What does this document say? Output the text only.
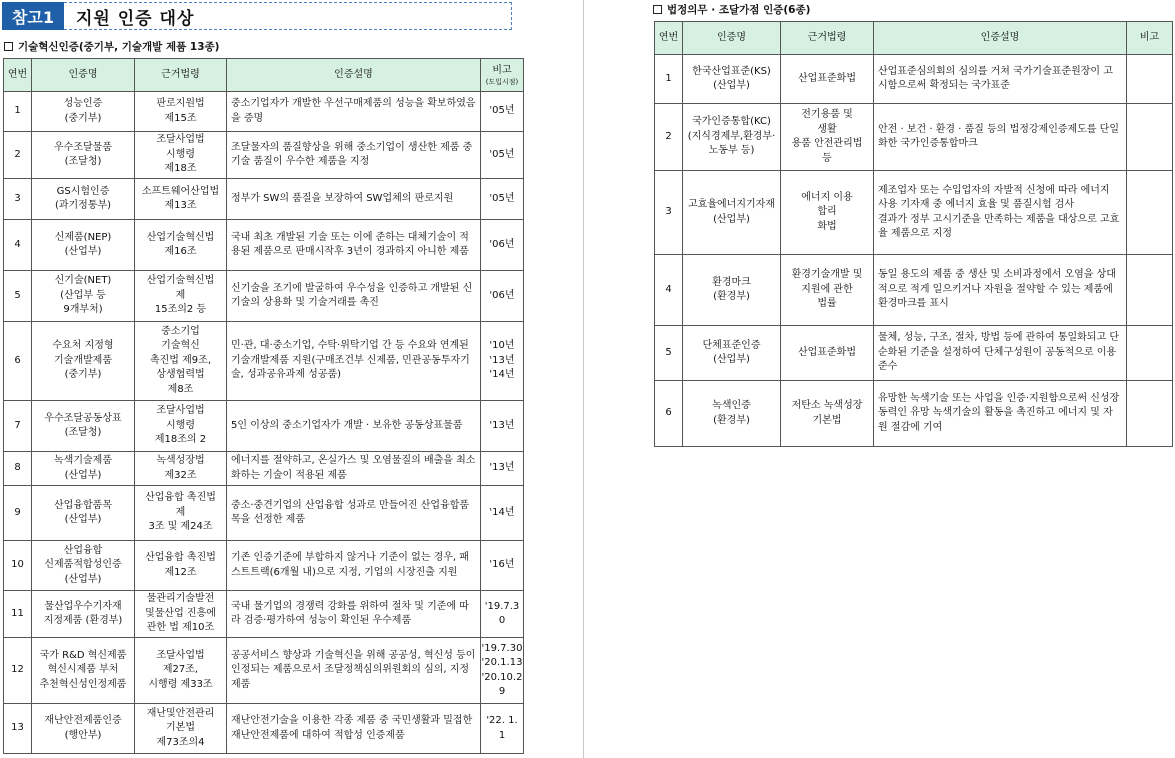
참고1	지원 인증 대상
기술혁신인증(중기부, 기술개발 제품 13종)
법정의무 · 조달가점 인증(6종)
연번	인증명	근거법령	인증설명	비고
(도입시점)

1	성능인증
(중기부)	판로지원법
제15조	중소기업자가 개발한 우선구매제품의 성능을 확보하였음을 증명	'05년
2	우수조달물품
(조달청)	조달사업법
시행령
제18조	조달물자의 품질향상을 위해 중소기업이 생산한 제품 중 기술 품질이 우수한 제품을 지정	'05년
3	GS시험인증
(과기정통부)	소프트웨어산업법
제13조	정부가 SW의 품질을 보장하여 SW업체의 판로지원	'05년
4	신제품(NEP)
(산업부)	산업기술혁신법
제16조	국내 최초 개발된 기술 또는 이에 준하는 대체기술이 적용된 제품으로 판매시작후 3년이 경과하지 아니한 제품	'06년
5	신기술(NET)
(산업부 등
9개부처)	산업기술혁신법
제
15조의2 등	신기술을 조기에 발굴하여 우수성을 인증하고 개발된 신기술의 상용화 및 기술거래를 촉진	'06년
6	수요처 지정형
기술개발제품
(중기부)	중소기업
기술혁신
촉진법 제9조,
상생협력법
제8조	민·관, 대·중소기업, 수탁·위탁기업 간 등 수요와 연계된 기술개발제품 지원(구매조건부 신제품, 민관공동투자기술, 성과공유과제 성공품)	'10년
'13년
'14년
7	우수조달공동상표
(조달청)	조달사업법
시행령
제18조의 2	5인 이상의 중소기업자가 개발 · 보유한 공동상표물품	'13년
8	녹색기술제품
(산업부)	녹색성장법
제32조	에너지를 절약하고, 온실가스 및 오염물질의 배출을 최소화하는 기술이 적용된 제품	'13년
9	산업융합품목
(산업부)	산업융합 촉진법
제
3조 및 제24조	중소·중견기업의 산업융합 성과로 만들어진 산업융합품목을 선정한 제품	'14년
10	산업융합
신제품적합성인증
(산업부)	산업융합 촉진법
제12조	기존 인증기준에 부합하지 않거나 기준이 없는 경우, 패스트트랙(6개월 내)으로 지정, 기업의 시장진출 지원	'16년
11	물산업우수기자재
지정제품 (환경부)	물관리기술발전
및물산업 진흥에
관한 법 제10조	국내 물기업의 경쟁력 강화를 위하여 절차 및 기준에 따라 검증·평가하여 성능이 확인된 우수제품	'19.7.3
0
12	국가 R&D 혁신제품
혁신시제품 부처
추천혁신성인정제품	조달사업법
제27조,
시행령 제33조	공공서비스 향상과 기술혁신을 위해 공공성, 혁신성 등이 인정되는 제품으로서 조달정책심의위원회의 심의, 지정제품	'19.7.30
'20.1.13
'20.10.2
9
13	재난안전제품인증
(행안부)	재난및안전관리
기본법
제73조의4	재난안전기술을 이용한 각종 제품 중 국민생활과 밀접한 재난안전제품에 대하여 적합성 인증제품	'22. 1.
1
연번	인증명	근거법령	인증설명	비고
1	한국산업표준(KS)
(산업부)	산업표준화법	산업표준심의회의 심의를 거쳐 국가기술표준원장이 고시함으로써 확정되는 국가표준	
2	국가인증통합(KC)
(지식경제부,환경부·
노동부 등)	전기용품 및
생활
용품 안전관리법
등	안전 · 보건 · 환경 · 품질 등의 법정강제인증제도를 단일화한 국가인증통합마크	
3	고효율에너지기자재
(산업부)	에너지 이용
합리
화법	제조업자 또는 수입업자의 자발적 신청에 따라 에너지 사용 기자재 중 에너지 효율 및 품질시험 검사
결과가 정부 고시기준을 만족하는 제품을 대상으로 고효율 제품으로 지정	
4	환경마크
(환경부)	환경기술개발 및
지원에 관한
법률	동일 용도의 제품 중 생산 및 소비과정에서 오염을 상대적으로 적게 일으키거나 자원을 절약할 수 있는 제품에 환경마크를 표시	
5	단체표준인증
(산업부)	산업표준화법	물체, 성능, 구조, 절차, 방법 등에 관하여 통일화되고 단순화된 기준을 설정하여 단체구성원이 공동적으로 이용 준수	
6	녹색인증
(환경부)	저탄소 녹색성장
기본법	유망한 녹색기술 또는 사업을 인증·지원함으로써 신성장 동력인 유망 녹색기술의 활동을 촉진하고 에너지 및 자원 절감에 기여	
